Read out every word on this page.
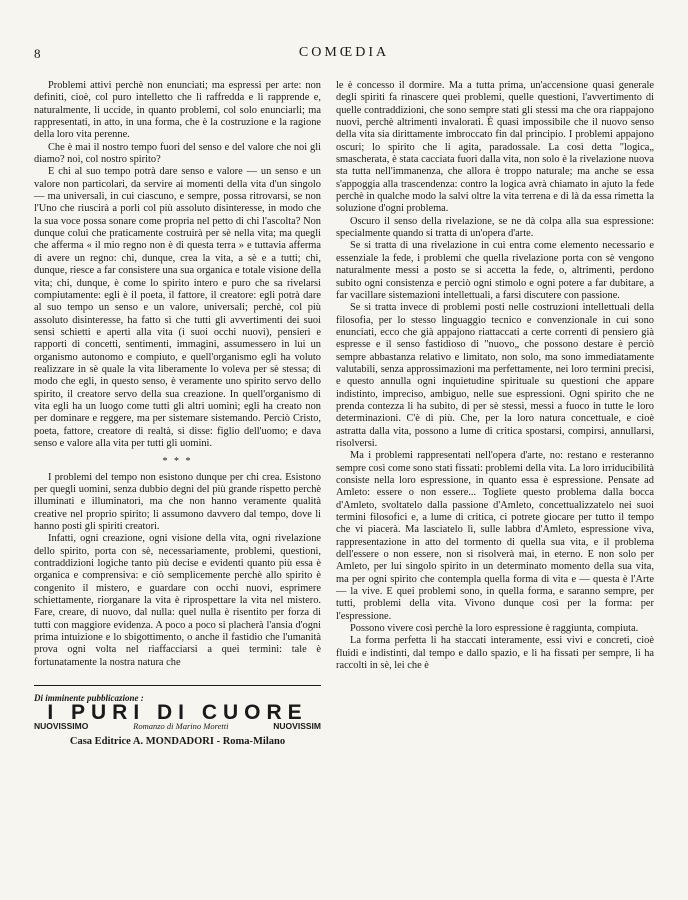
8	COMŒDIA

Problemi attivi perchè non enunciati; ma espressi per arte: non definiti, cioè, col puro intelletto che li raffredda e li rapprende e, naturalmente, li uccide, in quanto problemi, col solo enunciarli; ma rappresentati, in atto, in una forma, che è la costruzione e la ragione della loro vita perenne.

Che è mai il nostro tempo fuori del senso e del valore che noi gli diamo? noi, col nostro spirito?

E chi al suo tempo potrà dare senso e valore — un senso e un valore non particolari, da servire ai momenti della vita d'un singolo — ma universali, in cui ciascuno, e sempre, possa ritrovarsi, se non l'Uno che riuscirà a porli col più assoluto disinteresse, in modo che la sua voce possa sonare come propria nel petto di chi l'ascolta? Non dunque colui che praticamente costruirà per sè nella vita; ma quegli che afferma « il mio regno non è di questa terra » e tuttavia afferma di avere un regno: chi, dunque, crea la vita, a sè e a tutti; chi, dunque, riesce a far consistere una sua organica e totale visione della vita; chi, dunque, è come lo spirito intero e puro che sa rivelarsi compiutamente: egli è il poeta, il fattore, il creatore: egli potrà dare al suo tempo un senso e un valore, universali; perchè, col più assoluto disinteresse, ha fatto sì che tutti gli avvertimenti dei suoi sensi schietti e aperti alla vita (i suoi occhi nuovi), pensieri e rapporti di concetti, sentimenti, immagini, assumessero in lui un organismo autonomo e compiuto, e quell'organismo egli ha voluto realizzare in sè quale la vita liberamente lo voleva per sè stessa; di modo che egli, in questo senso, è veramente uno spirito servo dello spirito, il creatore servo della sua creazione. In quell'organismo di vita egli ha un luogo come tutti gli altri uomini; egli ha creato non per dominare e reggere, ma per sistemare sistemando. Perciò Cristo, poeta, fattore, creatore di realtà, si disse: figlio dell'uomo; e dava senso e valore alla vita per tutti gli uomini.

* * *

I problemi del tempo non esistono dunque per chi crea. Esistono per quegli uomini, senza dubbio degni del più grande rispetto perchè illuminati e illuminatori, ma che non hanno veramente qualità creative nel proprio spirito; li assumono davvero dal tempo, dove li hanno posti gli spiriti creatori.

Infatti, ogni creazione, ogni visione della vita, ogni rivelazione dello spirito, porta con sè, necessariamente, problemi, questioni, contraddizioni logiche tanto più decise e evidenti quanto più essa è organica e comprensiva: e ciò semplicemente perchè allo spirito è congenito il mistero, e guardare con occhi nuovi, esprimere schiettamente, riorganare la vita è riprospettare la vita nel mistero. Fare, creare, di nuovo, dal nulla: quel nulla è risentito per forza di tutti con maggiore evidenza. A poco a poco si placherà l'ansia d'ogni prima intuizione e lo sbigottimento, o anche il fastidio che l'umanità prova ogni volta nel riaffacciarsi a quei termini: tale è fortunatamente la nostra natura che

Di imminente pubblicazione :
I PURI DI CUORE
NUOVISSIMO	Romanzo di Marino Moretti	NUOVISSIM
Casa Editrice A. MONDADORI - Roma-Milano

le è concesso il dormire. Ma a tutta prima, un'accensione quasi generale degli spiriti fa rinascere quei problemi, quelle questioni, l'avvertimento di quelle contraddizioni, che sono sempre stati gli stessi ma che ora riappajono nuovi, perchè altrimenti invalorati. È quasi impossibile che il nuovo senso della vita sia dirittamente imbroccato fin dal principio. I problemi appajono oscuri; lo spirito che li agita, paradossale. La così detta "logica„ smascherata, è stata cacciata fuori dalla vita, non solo è la rivelazione nuova sta tutta nell'immanenza, che allora è troppo naturale; ma anche se essa s'appoggia alla trascendenza: contro la logica avrà chiamato in ajuto la fede perchè in qualche modo la salvi oltre la vita terrena e di là da essa rimetta la soluzione d'ogni problema.

Oscuro il senso della rivelazione, se ne dà colpa alla sua espressione: specialmente quando si tratta di un'opera d'arte.

Se si tratta di una rivelazione in cui entra come elemento necessario e essenziale la fede, i problemi che quella rivelazione porta con sè vengono naturalmente messi a posto se si accetta la fede, o, altrimenti, perdono subito ogni consistenza e perciò ogni stimolo e ogni potere a far dubitare, a far vacillare sistemazioni intellettuali, a farsi discutere con passione.

Se si tratta invece di problemi posti nelle costruzioni intellettuali della filosofia, per lo stesso linguaggio tecnico e convenzionale in cui sono enunciati, ecco che già appajono riattaccati a certe correnti di pensiero già espresse e il senso fastidioso di "nuovo„ che possono destare è perciò sempre abbastanza relativo e limitato, non solo, ma sono immediatamente valutabili, senza approssimazioni ma perfettamente, nei loro termini precisi, e questo annulla ogni inquietudine spirituale su questioni che appare indistinto, impreciso, ambiguo, nelle sue espressioni. Ogni spirito che ne prenda contezza li ha subito, di per sè stessi, messi a fuoco in tutte le loro determinazioni. C'è di più. Che, per la loro natura concettuale, e cioè astratta dalla vita, possono a lume di critica spostarsi, compirsi, annullarsi, risolversi.

Ma i problemi rappresentati nell'opera d'arte, no: restano e resteranno sempre così come sono stati fissati: problemi della vita. La loro irriducibilità consiste nella loro espressione, in quanto essa è espressione. Pensate ad Amleto: essere o non essere... Togliete questo problema dalla bocca d'Amleto, svoltatelo dalla passione d'Amleto, concettualizzatelo nei suoi termini filosofici e, a lume di critica, ci potrete giocare per tutto il tempo che vi piacerà. Ma lasciatelo lì, sulle labbra d'Amleto, espressione viva, rappresentazione in atto del tormento di quella sua vita, e il problema dell'essere o non essere, non si risolverà mai, in eterno. E non solo per Amleto, per lui singolo spirito in un determinato momento della sua vita, ma per ogni spirito che contempla quella forma di vita e — questa è l'Arte — la vive. E quei problemi sono, in quella forma, e saranno sempre, per tutti, problemi della vita. Vivono dunque così per la forma: per l'espressione.

Possono vivere così perchè la loro espressione è raggiunta, compiuta.

La forma perfetta li ha staccati interamente, essi vivi e concreti, cioè fluidi e indistinti, dal tempo e dallo spazio, e li ha fissati per sempre, li ha raccolti in sè, lei che è
